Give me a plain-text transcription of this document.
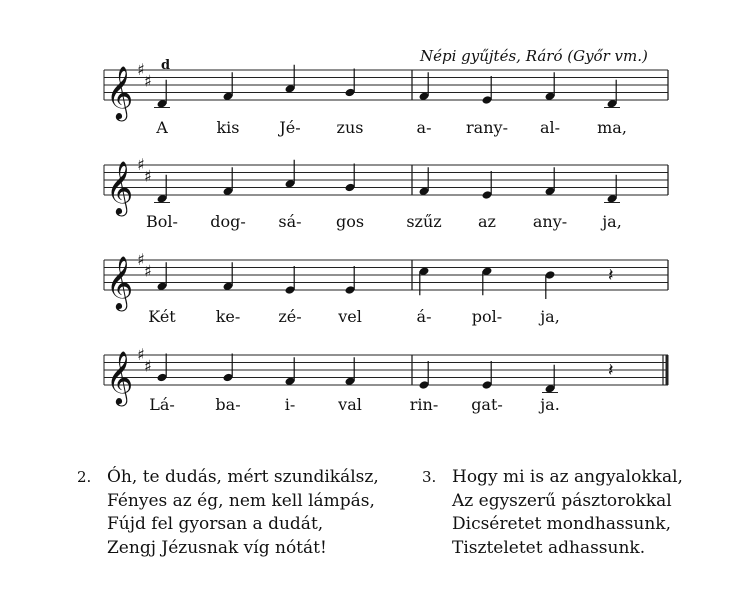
Népi gyűjtés, Ráró (Győr vm.)
d
𝄞 ♯
♯
𝄞 ♯
♯
𝄞 ♯
♯	𝄽
𝄞 ♯
♯	𝄽
A	kis Jé- zus	a- rany- al- ma,
Bol- dog- sá- gos	szűz az any- ja,
Két	ke- zé- vel	á-	pol- ja,
Lá-	ba-	i-	val	rin- gat- ja.
2. Óh, te dudás, mért szundikálsz,
Fényes az ég, nem kell lámpás,
Fújd fel gyorsan a dudát,
Zengj Jézusnak víg nótát!
3. Hogy mi is az angyalokkal,
Az egyszerű pásztorokkal
Dicséretet mondhassunk,
Tiszteletet adhassunk.
